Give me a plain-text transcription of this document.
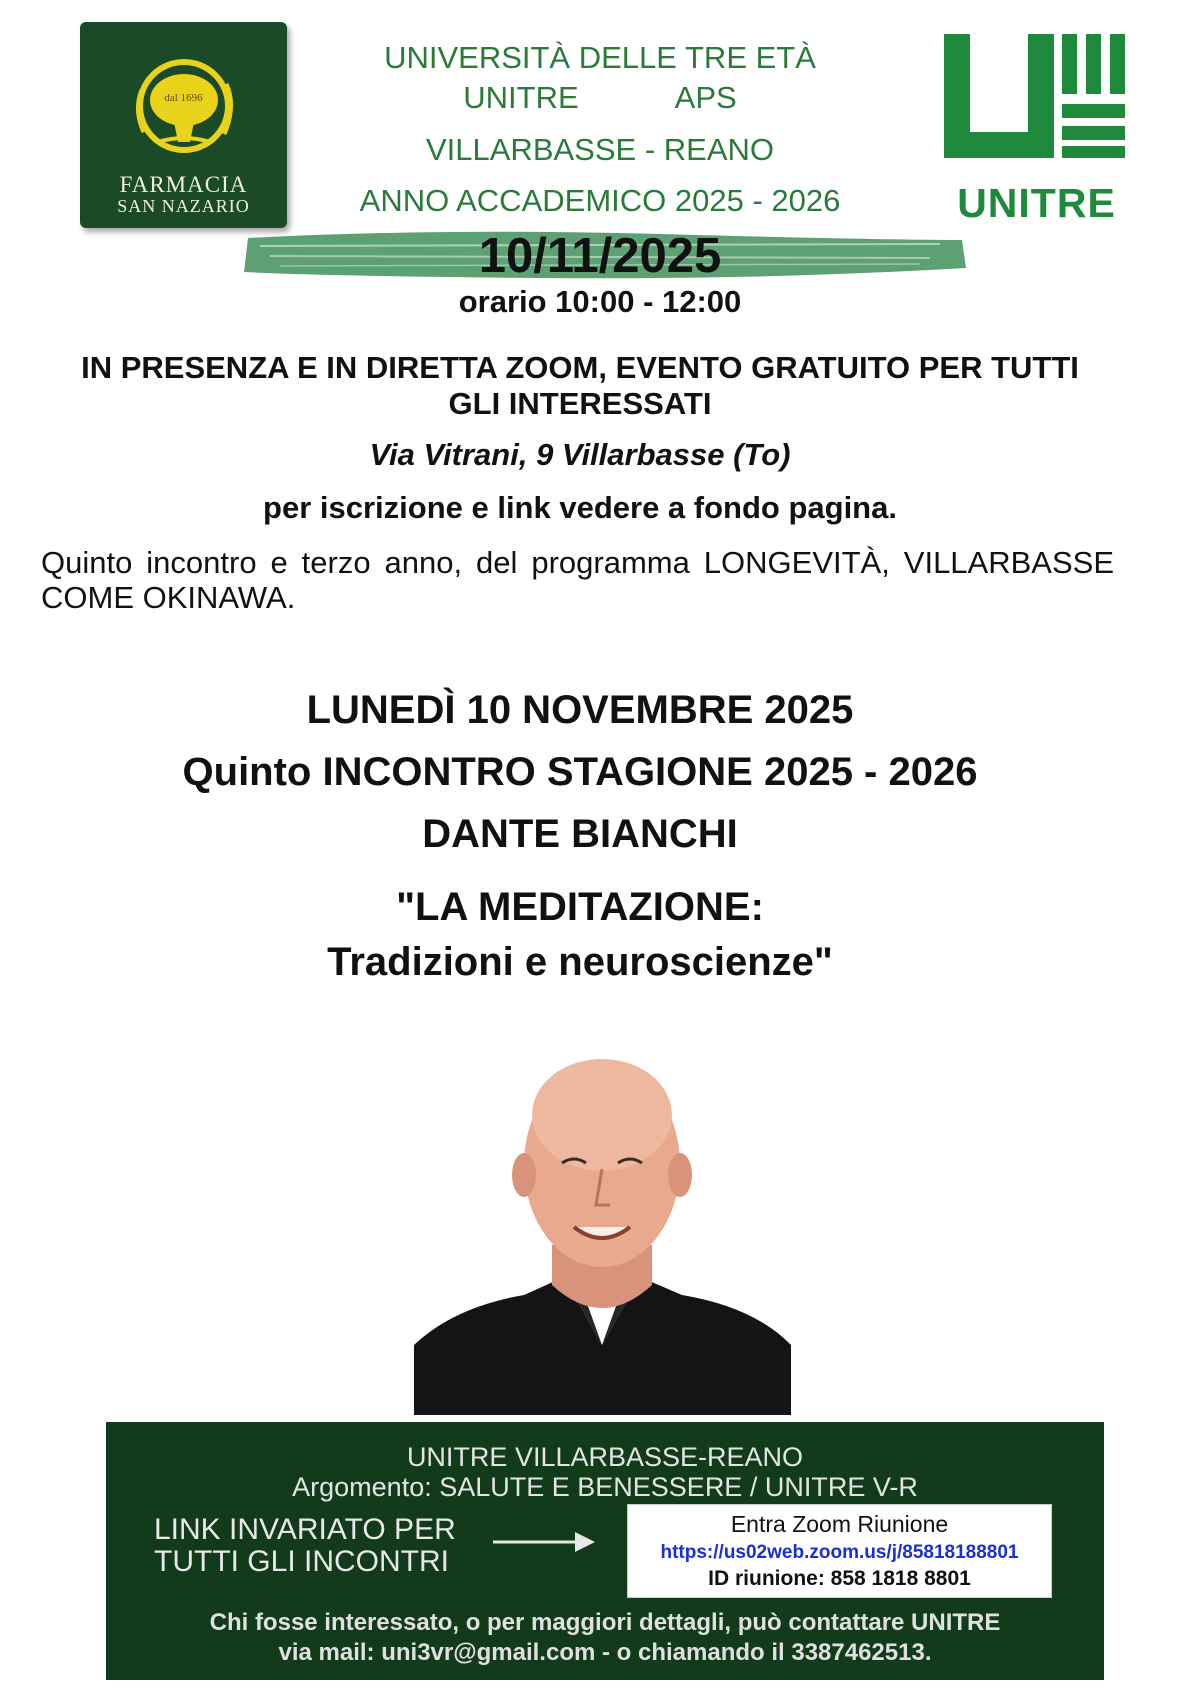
dal 1696
FARMACIA
SAN NAZARIO
UNIVERSITÀ DELLE TRE ETÀ
UNITRE	APS
VILLARBASSE - REANO
ANNO ACCADEMICO 2025 - 2026	UNITRE
10/11/2025
orario 10:00 - 12:00
IN PRESENZA E IN DIRETTA ZOOM, EVENTO GRATUITO PER TUTTI GLI INTERESSATI
Via Vitrani, 9 Villarbasse (To)
per iscrizione e link vedere a fondo pagina.
Quinto incontro e terzo anno, del programma LONGEVITÀ, VILLARBASSE COME OKINAWA.
LUNEDÌ 10 NOVEMBRE 2025
Quinto INCONTRO STAGIONE 2025 - 2026
DANTE BIANCHI
"LA MEDITAZIONE:
Tradizioni e neuroscienze"
UNITRE VILLARBASSE-REANO
Argomento: SALUTE E BENESSERE / UNITRE V-R
LINK INVARIATO PER
TUTTI GLI INCONTRI
Entra Zoom Riunione
https://us02web.zoom.us/j/85818188801
ID riunione: 858 1818 8801
Chi fosse interessato, o per maggiori dettagli, può contattare UNITRE
via mail: uni3vr@gmail.com - o chiamando il 3387462513.
